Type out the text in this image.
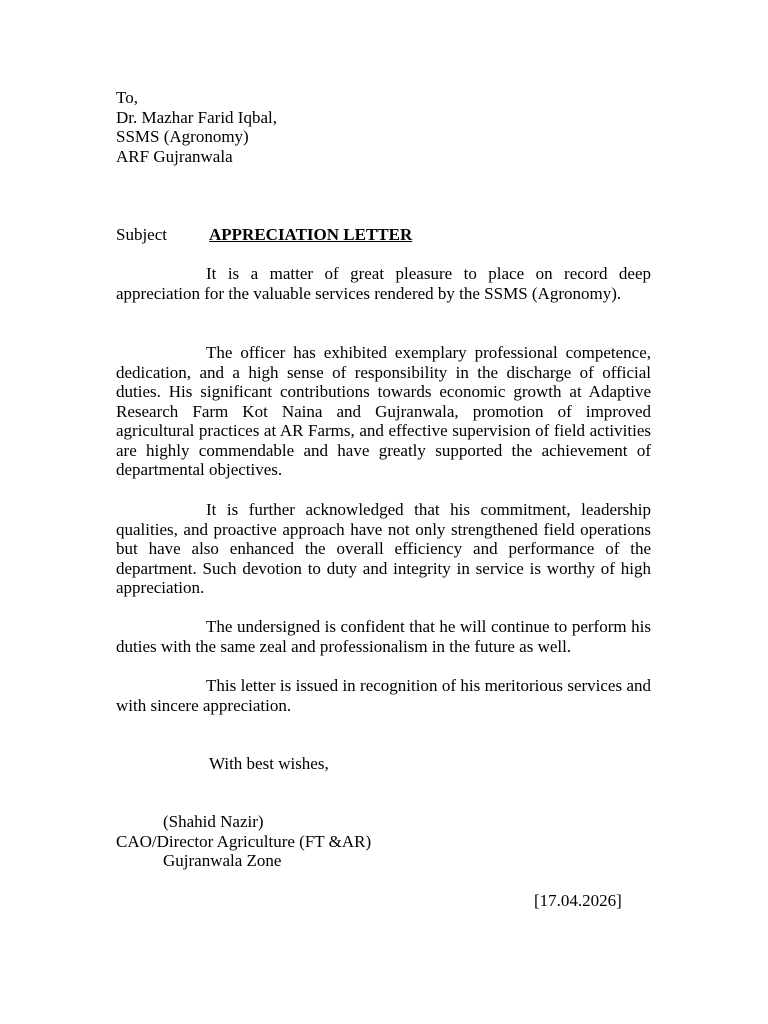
To,
Dr. Mazhar Farid Iqbal,
SSMS (Agronomy)
ARF Gujranwala
Subject APPRECIATION LETTER

It is a matter of great pleasure to place on record deep appreciation for the valuable services rendered by the SSMS (Agronomy).

The officer has exhibited exemplary professional competence, dedication, and a high sense of responsibility in the discharge of official duties. His significant contributions towards economic growth at Adaptive Research Farm Kot Naina and Gujranwala, promotion of improved agricultural practices at AR Farms, and effective supervision of field activities are highly commendable and have greatly supported the achievement of departmental objectives.

It is further acknowledged that his commitment, leadership qualities, and proactive approach have not only strengthened field operations but have also enhanced the overall efficiency and performance of the department. Such devotion to duty and integrity in service is worthy of high appreciation.

The undersigned is confident that he will continue to perform his duties with the same zeal and professionalism in the future as well.

This letter is issued in recognition of his meritorious services and with sincere appreciation.

With best wishes,
(Shahid Nazir)
CAO/Director Agriculture (FT &AR)
Gujranwala Zone
[17.04.2026]
